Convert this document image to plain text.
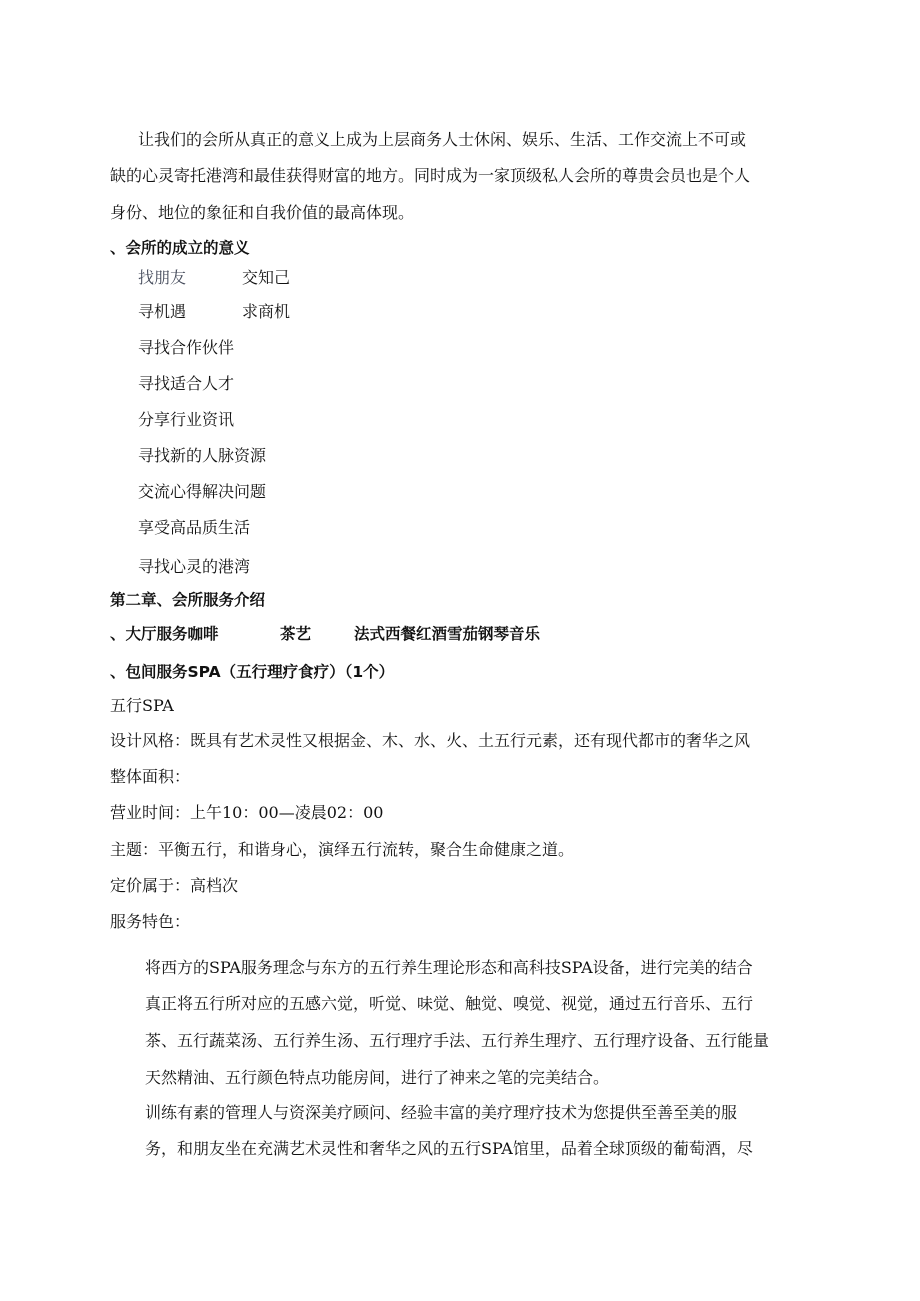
让我们的会所从真正的意义上成为上层商务人士休闲、娱乐、生活、工作交流上不可或
缺的心灵寄托港湾和最佳获得财富的地方。同时成为一家顶级私人会所的尊贵会员也是个人
身份、地位的象征和自我价值的最高体现。
、会所的成立的意义
找朋友	交知己
寻机遇	求商机
寻找合作伙伴
寻找适合人才
分享行业资讯
寻找新的人脉资源
交流心得解决问题
享受高品质生活
寻找心灵的港湾
第二章、会所服务介绍
、大厅服务咖啡	茶艺	法式西餐红酒雪茄钢琴音乐
、包间服务SPA（五行理疗食疗）（1个）
五行SPA
设计风格：既具有艺术灵性又根据金、木、水、火、土五行元素，还有现代都市的奢华之风
整体面积：
营业时间：上午10：00—凌晨02：00
主题：平衡五行，和谐身心，演绎五行流转，聚合生命健康之道。
定价属于：高档次
服务特色：
将西方的SPA服务理念与东方的五行养生理论形态和高科技SPA设备，进行完美的结合
真正将五行所对应的五感六觉，听觉、味觉、触觉、嗅觉、视觉，通过五行音乐、五行
茶、五行蔬菜汤、五行养生汤、五行理疗手法、五行养生理疗、五行理疗设备、五行能量
天然精油、五行颜色特点功能房间，进行了神来之笔的完美结合。
训练有素的管理人与资深美疗顾问、经验丰富的美疗理疗技术为您提供至善至美的服
务，和朋友坐在充满艺术灵性和奢华之风的五行SPA馆里，品着全球顶级的葡萄酒，尽
